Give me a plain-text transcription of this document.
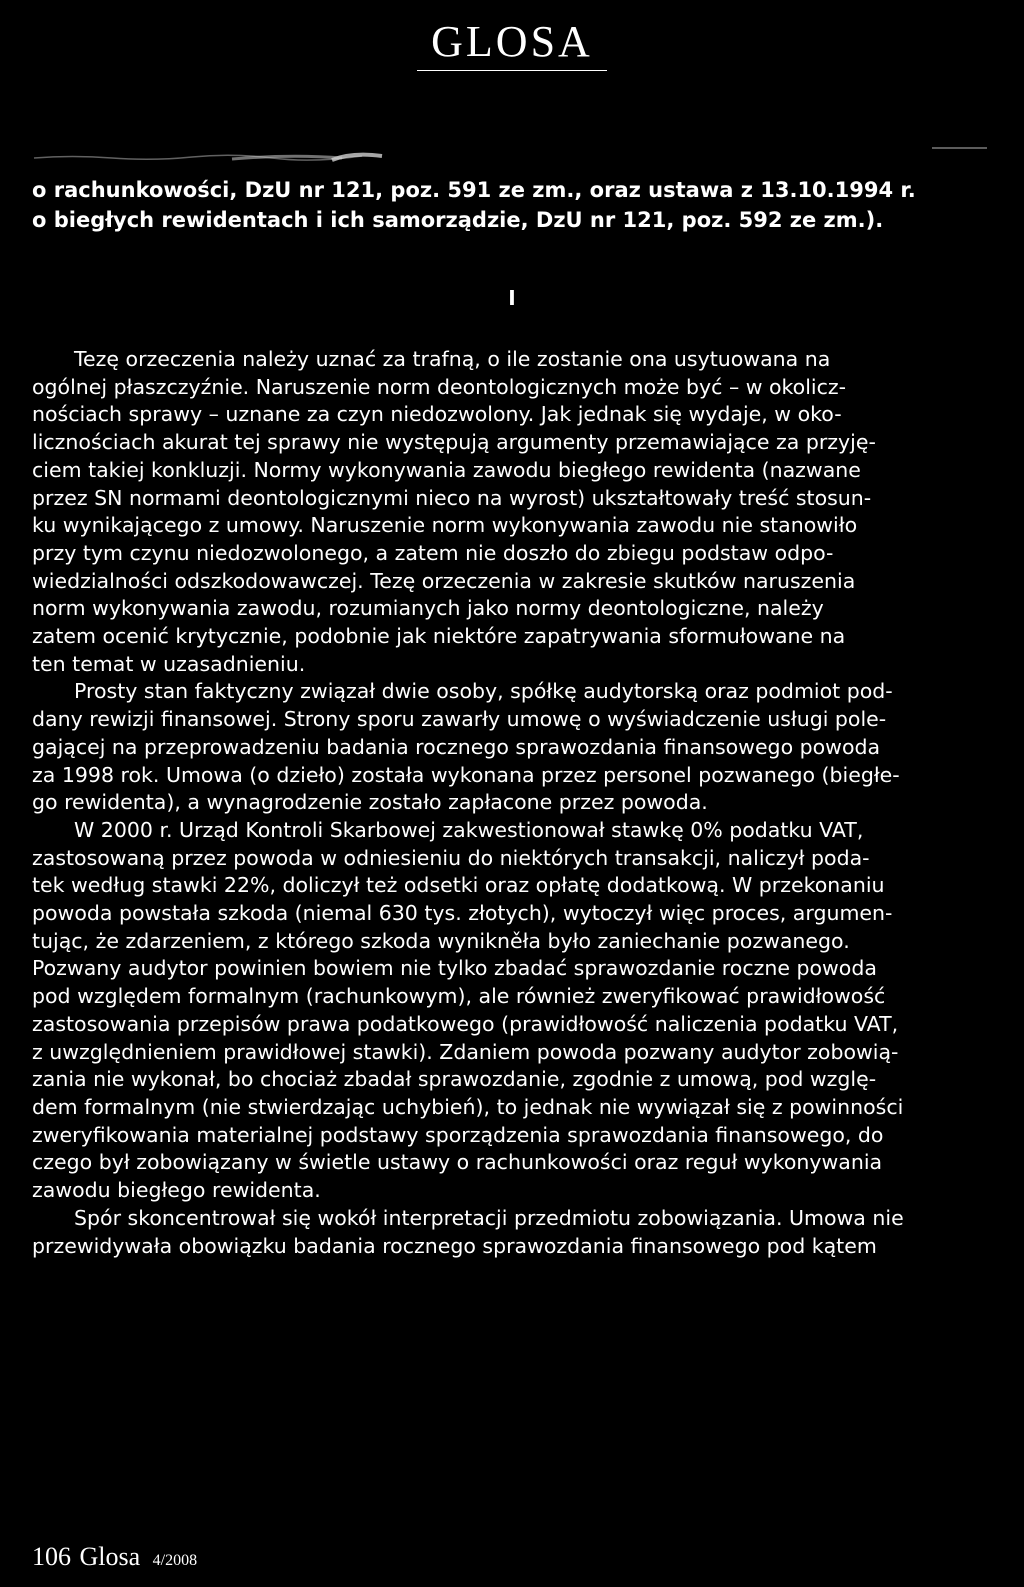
GLOSA
o rachunkowości, DzU nr 121, poz. 591 ze zm., oraz ustawa z 13.10.1994 r.
o biegłych rewidentach i ich samorządzie, DzU nr 121, poz. 592 ze zm.).
I
Tezę orzeczenia należy uznać za trafną, o ile zostanie ona usytuowana na
ogólnej płaszczyźnie. Naruszenie norm deontologicznych może być – w okolicz-
nościach sprawy – uznane za czyn niedozwolony. Jak jednak się wydaje, w oko-
licznościach akurat tej sprawy nie występują argumenty przemawiające za przyję-
ciem takiej konkluzji. Normy wykonywania zawodu biegłego rewidenta (nazwane
przez SN normami deontologicznymi nieco na wyrost) ukształtowały treść stosun-
ku wynikającego z umowy. Naruszenie norm wykonywania zawodu nie stanowiło
przy tym czynu niedozwolonego, a zatem nie doszło do zbiegu podstaw odpo-
wiedzialności odszkodowawczej. Tezę orzeczenia w zakresie skutków naruszenia
norm wykonywania zawodu, rozumianych jako normy deontologiczne, należy
zatem ocenić krytycznie, podobnie jak niektóre zapatrywania sformułowane na
ten temat w uzasadnieniu.
Prosty stan faktyczny związał dwie osoby, spółkę audytorską oraz podmiot pod-
dany rewizji finansowej. Strony sporu zawarły umowę o wyświadczenie usługi pole-
gającej na przeprowadzeniu badania rocznego sprawozdania finansowego powoda
za 1998 rok. Umowa (o dzieło) została wykonana przez personel pozwanego (biegłe-
go rewidenta), a wynagrodzenie zostało zapłacone przez powoda.
W 2000 r. Urząd Kontroli Skarbowej zakwestionował stawkę 0% podatku VAT,
zastosowaną przez powoda w odniesieniu do niektórych transakcji, naliczył poda-
tek według stawki 22%, doliczył też odsetki oraz opłatę dodatkową. W przekonaniu
powoda powstała szkoda (niemal 630 tys. złotych), wytoczył więc proces, argumen-
tując, że zdarzeniem, z którego szkoda wynikněła było zaniechanie pozwanego.
Pozwany audytor powinien bowiem nie tylko zbadać sprawozdanie roczne powoda
pod względem formalnym (rachunkowym), ale również zweryfikować prawidłowość
zastosowania przepisów prawa podatkowego (prawidłowość naliczenia podatku VAT,
z uwzględnieniem prawidłowej stawki). Zdaniem powoda pozwany audytor zobowią-
zania nie wykonał, bo chociaż zbadał sprawozdanie, zgodnie z umową, pod wzglę-
dem formalnym (nie stwierdzając uchybień), to jednak nie wywiązał się z powinności
zweryfikowania materialnej podstawy sporządzenia sprawozdania finansowego, do
czego był zobowiązany w świetle ustawy o rachunkowości oraz reguł wykonywania
zawodu biegłego rewidenta.
Spór skoncentrował się wokół interpretacji przedmiotu zobowiązania. Umowa nie
przewidywała obowiązku badania rocznego sprawozdania finansowego pod kątem
106 Glosa 4/2008
